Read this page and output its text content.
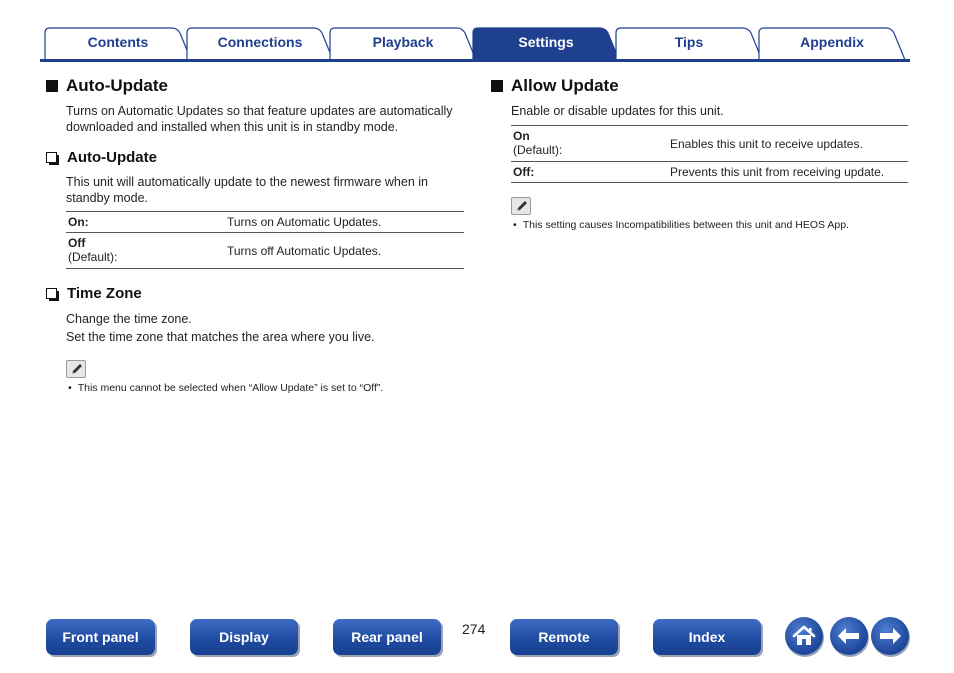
Contents	Connections	Playback	Settings	Tips	Appendix
Auto-Update
Turns on Automatic Updates so that feature updates are automatically
downloaded and installed when this unit is in standby mode.
Auto-Update
This unit will automatically update to the newest firmware when in
standby mode.
On:	Turns on Automatic Updates.
Off
(Default):	Turns off Automatic Updates.
Time Zone
Change the time zone.
Set the time zone that matches the area where you live.
• This menu cannot be selected when “Allow Update” is set to “Off”.
Allow Update
Enable or disable updates for this unit.
On
(Default):	Enables this unit to receive updates.
Off:	Prevents this unit from receiving update.
• This setting causes Incompatibilities between this unit and HEOS App.
Front panel	Display	Rear panel	274	Remote	Index
